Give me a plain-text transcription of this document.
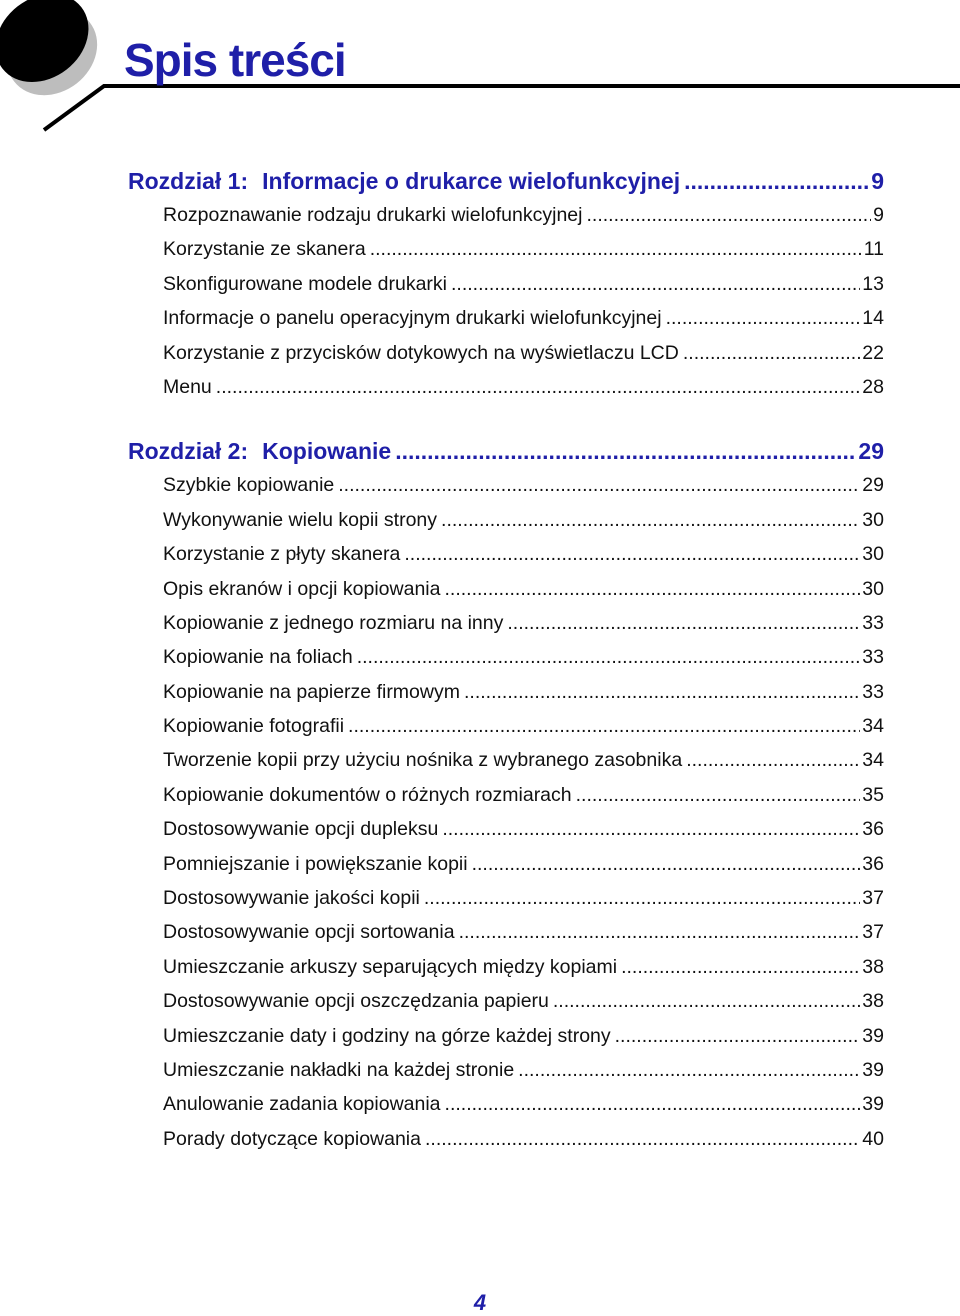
Spis treści
Rozdział 1: Informacje o drukarce wielofunkcyjnej .....	9
Rozpoznawanie rodzaju drukarki wielofunkcyjnej .....	9
Korzystanie ze skanera .....	11
Skonfigurowane modele drukarki .....	13
Informacje o panelu operacyjnym drukarki wielofunkcyjnej .....	14
Korzystanie z przycisków dotykowych na wyświetlaczu LCD .....	22
Menu .....	28
Rozdział 2: Kopiowanie .....	29
Szybkie kopiowanie .....	29
Wykonywanie wielu kopii strony .....	30
Korzystanie z płyty skanera .....	30
Opis ekranów i opcji kopiowania .....	30
Kopiowanie z jednego rozmiaru na inny .....	33
Kopiowanie na foliach .....	33
Kopiowanie na papierze firmowym .....	33
Kopiowanie fotografii .....	34
Tworzenie kopii przy użyciu nośnika z wybranego zasobnika .....	34
Kopiowanie dokumentów o różnych rozmiarach .....	35
Dostosowywanie opcji dupleksu .....	36
Pomniejszanie i powiększanie kopii .....	36
Dostosowywanie jakości kopii .....	37
Dostosowywanie opcji sortowania .....	37
Umieszczanie arkuszy separujących między kopiami .....	38
Dostosowywanie opcji oszczędzania papieru .....	38
Umieszczanie daty i godziny na górze każdej strony .....	39
Umieszczanie nakładki na każdej stronie .....	39
Anulowanie zadania kopiowania .....	39
Porady dotyczące kopiowania .....	40
4
